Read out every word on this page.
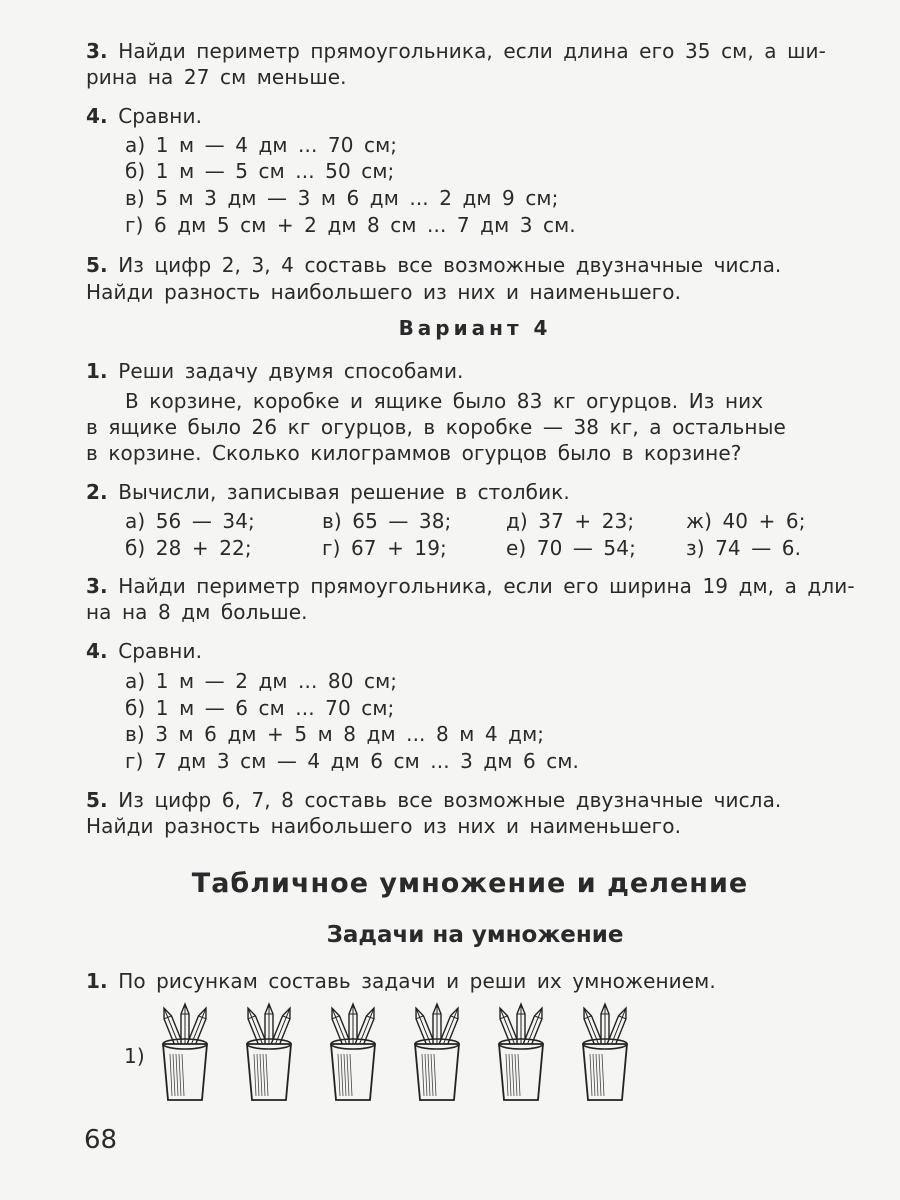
3. Найди периметр прямоугольника, если длина его 35 см, а ши-
рина на 27 см меньше.
4. Сравни.
а) 1 м — 4 дм ... 70 см;
б) 1 м — 5 см ... 50 см;
в) 5 м 3 дм — 3 м 6 дм ... 2 дм 9 см;
г) 6 дм 5 см + 2 дм 8 см ... 7 дм 3 см.
5. Из цифр 2, 3, 4 составь все возможные двузначные числа.
Найди разность наибольшего из них и наименьшего.
Вариант 4
1. Реши задачу двумя способами.
В корзине, коробке и ящике было 83 кг огурцов. Из них
в ящике было 26 кг огурцов, в коробке — 38 кг, а остальные
в корзине. Сколько килограммов огурцов было в корзине?
2. Вычисли, записывая решение в столбик.
а) 56 — 34;	в) 65 — 38;	д) 37 + 23;	ж) 40 + 6;
б) 28 + 22;	г) 67 + 19;	е) 70 — 54;	з) 74 — 6.
3. Найди периметр прямоугольника, если его ширина 19 дм, а дли-
на на 8 дм больше.
4. Сравни.
а) 1 м — 2 дм ... 80 см;
б) 1 м — 6 см ... 70 см;
в) 3 м 6 дм + 5 м 8 дм ... 8 м 4 дм;
г) 7 дм 3 см — 4 дм 6 см ... 3 дм 6 см.
5. Из цифр 6, 7, 8 составь все возможные двузначные числа.
Найди разность наибольшего из них и наименьшего.
Табличное умножение и деление
Задачи на умножение
1. По рисункам составь задачи и реши их умножением.
1)
68
